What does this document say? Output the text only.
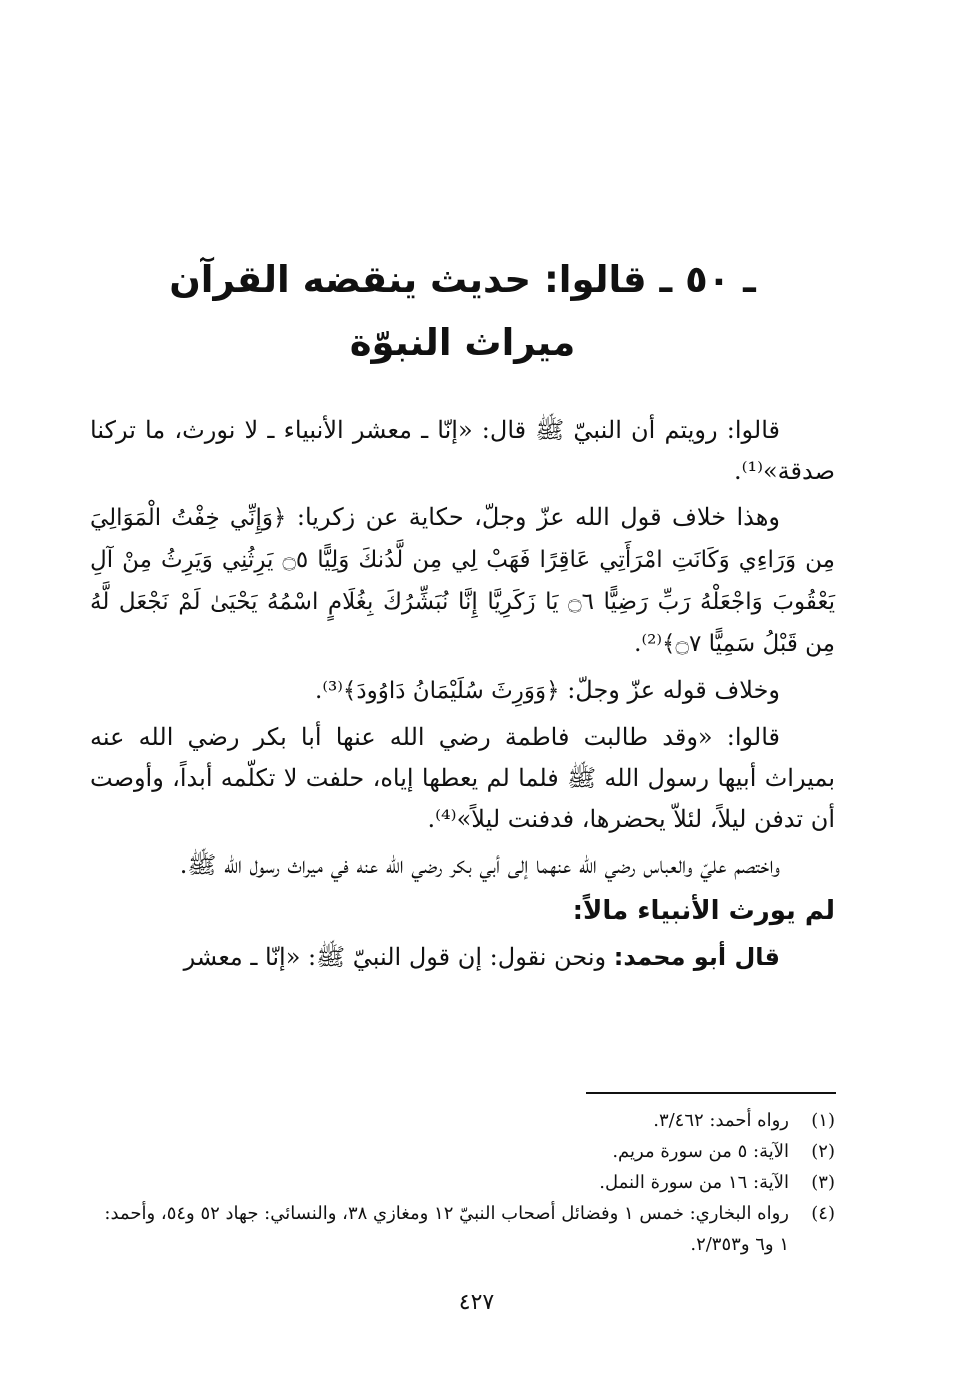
ـ ٥٠ ـ قالوا: حديث ينقضه القرآن
ميراث النبوّة

قالوا: رويتم أن النبيّ ﷺ قال: «إنّا ـ معشر الأنبياء ـ لا نورث، ما تركنا صدقة»⁽¹⁾.

وهذا خلاف قول الله عزّ وجلّ، حكاية عن زكريا: ﴿وَإِنِّي خِفْتُ الْمَوَالِيَ مِن وَرَاءِي وَكَانَتِ امْرَأَتِي عَاقِرًا فَهَبْ لِي مِن لَّدُنكَ وَلِيًّا ۝٥ يَرِثُنِي وَيَرِثُ مِنْ آلِ يَعْقُوبَ وَاجْعَلْهُ رَبِّ رَضِيًّا ۝٦ يَا زَكَرِيَّا إِنَّا نُبَشِّرُكَ بِغُلَامٍ اسْمُهُ يَحْيَىٰ لَمْ نَجْعَل لَّهُ مِن قَبْلُ سَمِيًّا ۝٧﴾⁽²⁾.

وخلاف قوله عزّ وجلّ: ﴿وَوَرِثَ سُلَيْمَانُ دَاوُودَ﴾⁽³⁾.

قالوا: «وقد طالبت فاطمة رضي الله عنها أبا بكر رضي الله عنه بميراث أبيها رسول الله ﷺ فلما لم يعطها إياه، حلفت لا تكلّمه أبداً، وأوصت أن تدفن ليلاً، لئلاّ يحضرها، فدفنت ليلاً»⁽⁴⁾.

واختصم عليّ والعباس رضي الله عنهما إلى أبي بكر رضي الله عنه في ميراث رسول الله ﷺ.

لم يورث الأنبياء مالاً:

قال أبو محمد: ونحن نقول: إن قول النبيّ ﷺ: «إنّا ـ معشر

(١)
رواه أحمد: ٣/٤٦٢.
(٢)
الآية: ٥ من سورة مريم.
(٣)
الآية: ١٦ من سورة النمل.
(٤)
رواه البخاري: خمس ١ وفضائل أصحاب النبيّ ١٢ ومغازي ٣٨، والنسائي: جهاد ٥٢ و٥٤، وأحمد: ١ و٦ و٢/٣٥٣.
٤٢٧
